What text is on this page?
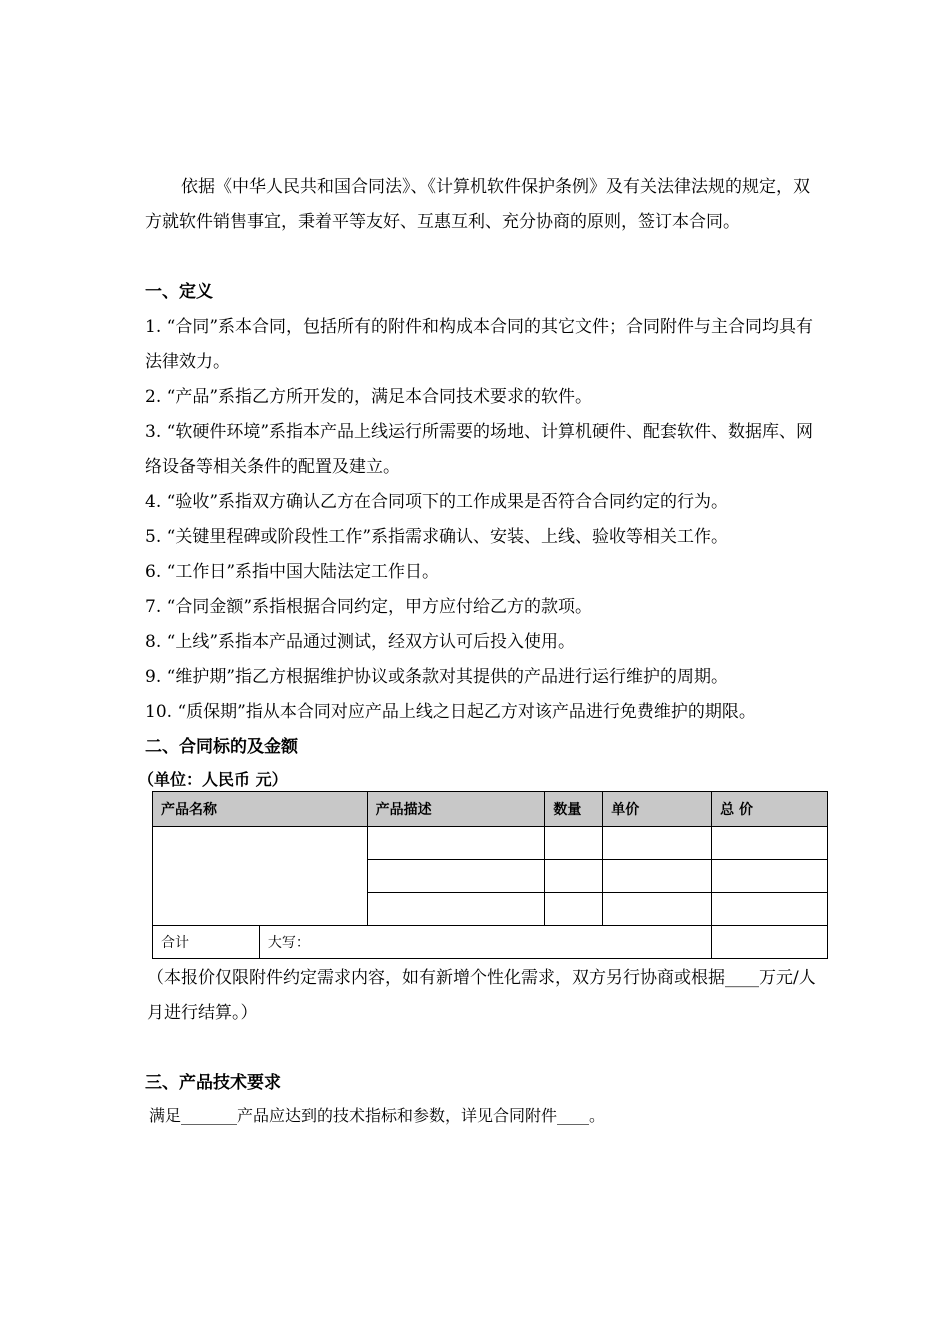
依据《中华人民共和国合同法》、《计算机软件保护条例》及有关法律法规的规定，双方就软件销售事宜，秉着平等友好、互惠互利、充分协商的原则，签订本合同。

一、定义

1. “合同”系本合同，包括所有的附件和构成本合同的其它文件；合同附件与主合同均具有法律效力。

2. “产品”系指乙方所开发的，满足本合同技术要求的软件。

3. “软硬件环境”系指本产品上线运行所需要的场地、计算机硬件、配套软件、数据库、网络设备等相关条件的配置及建立。

4. “验收”系指双方确认乙方在合同项下的工作成果是否符合合同约定的行为。

5. “关键里程碑或阶段性工作”系指需求确认、安装、上线、验收等相关工作。

6. “工作日”系指中国大陆法定工作日。

7. “合同金额”系指根据合同约定，甲方应付给乙方的款项。

8. “上线”系指本产品通过测试，经双方认可后投入使用。

9. “维护期”指乙方根据维护协议或条款对其提供的产品进行运行维护的周期。

10. “质保期”指从本合同对应产品上线之日起乙方对该产品进行免费维护的期限。

二、合同标的及金额

（单位：人民币 元）

产品名称		产品描述	数量	单价	总 价

合计	大写：				

（本报价仅限附件约定需求内容，如有新增个性化需求，双方另行协商或根据____万元/人月进行结算。）

三、产品技术要求

满足_______产品应达到的技术指标和参数，详见合同附件____。
